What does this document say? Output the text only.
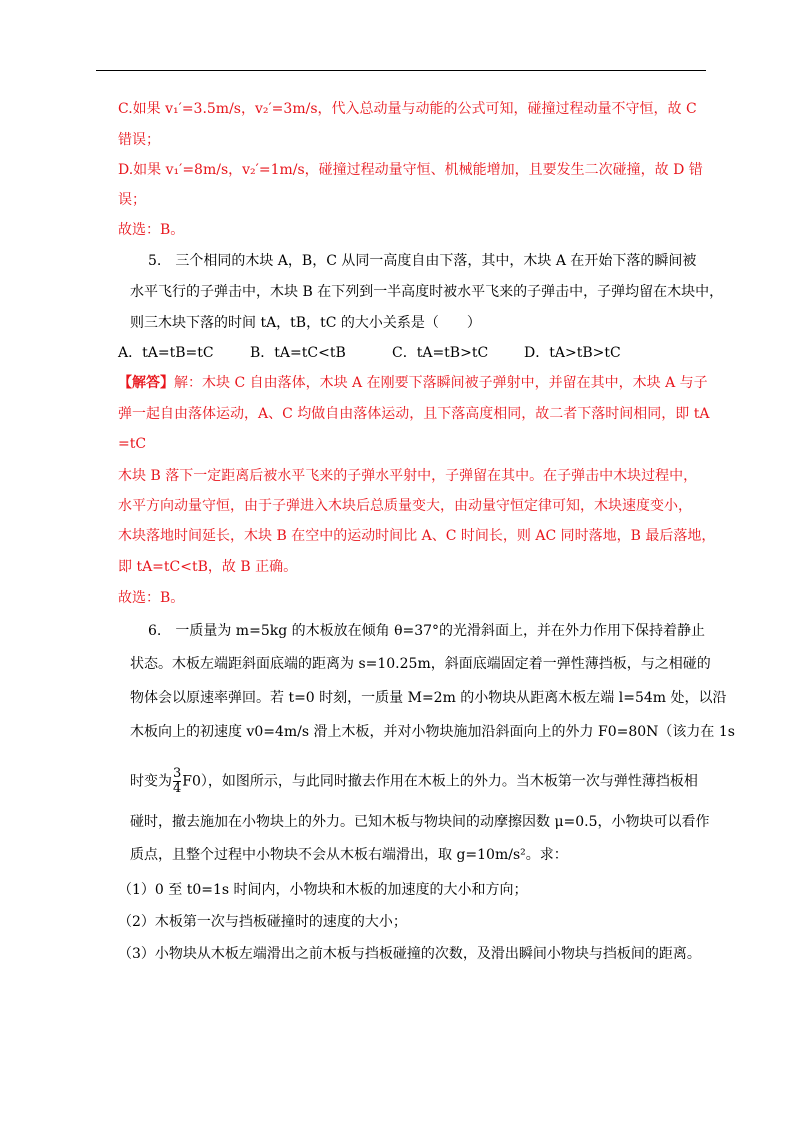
C.如果 v₁′=3.5m/s，v₂′=3m/s，代入总动量与动能的公式可知，碰撞过程动量不守恒，故 C
错误；
D.如果 v₁′=8m/s，v₂′=1m/s，碰撞过程动量守恒、机械能增加，且要发生二次碰撞，故 D 错
误；
故选：B。
5.　三个相同的木块 A，B，C 从同一高度自由下落，其中，木块 A 在开始下落的瞬间被
水平飞行的子弹击中，木块 B 在下列到一半高度时被水平飞来的子弹击中，子弹均留在木块中，
则三木块下落的时间 tA，tB，tC 的大小关系是（　　）
A．tA=tB=tC	B．tA=tC<tB	C．tA=tB>tC	D．tA>tB>tC
【解答】解：木块 C 自由落体，木块 A 在刚要下落瞬间被子弹射中，并留在其中，木块 A 与子
弹一起自由落体运动，A、C 均做自由落体运动，且下落高度相同，故二者下落时间相同，即 tA
=tC
木块 B 落下一定距离后被水平飞来的子弹水平射中，子弹留在其中。在子弹击中木块过程中，
水平方向动量守恒，由于子弹进入木块后总质量变大，由动量守恒定律可知，木块速度变小，
木块落地时间延长，木块 B 在空中的运动时间比 A、C 时间长，则 AC 同时落地，B 最后落地，
即 tA=tC<tB，故 B 正确。
故选：B。
6.　一质量为 m=5kg 的木板放在倾角 θ=37°的光滑斜面上，并在外力作用下保持着静止
状态。木板左端距斜面底端的距离为 s=10.25m，斜面底端固定着一弹性薄挡板，与之相碰的
物体会以原速率弹回。若 t=0 时刻，一质量 M=2m 的小物块从距离木板左端 l=54m 处，以沿
木板向上的初速度 v0=4m/s 滑上木板，并对小物块施加沿斜面向上的外力 F0=80N（该力在 1s
时变为 $\frac{3}{4} F0$），如图所示，与此同时撤去作用在木板上的外力。当木板第一次与弹性薄挡板相
碰时，撤去施加在小物块上的外力。已知木板与物块间的动摩擦因数 μ=0.5，小物块可以看作
质点，且整个过程中小物块不会从木板右端滑出，取 g=10m/s²。求：
（1）0 至 t0=1s 时间内，小物块和木板的加速度的大小和方向；
（2）木板第一次与挡板碰撞时的速度的大小；
（3）小物块从木板左端滑出之前木板与挡板碰撞的次数，及滑出瞬间小物块与挡板间的距离。
